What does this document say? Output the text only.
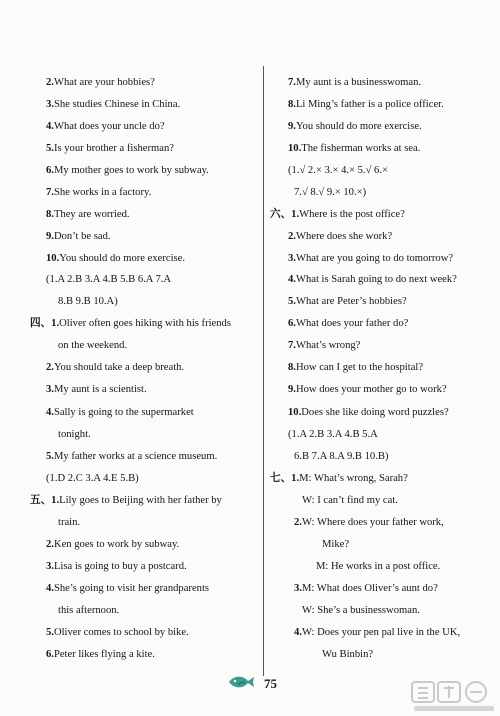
2.What are your hobbies?
3.She studies Chinese in China.
4.What does your uncle do?
5.Is your brother a fisherman?
6.My mother goes to work by subway.
7.She works in a factory.
8.They are worried.
9.Don’t be sad.
10.You should do more exercise.
(1.A 2.B 3.A 4.B 5.B 6.A 7.A
8.B 9.B 10.A)
四、1.Oliver often goes hiking with his friends
on the weekend.
2.You should take a deep breath.
3.My aunt is a scientist.
4.Sally is going to the supermarket
tonight.
5.My father works at a science museum.
(1.D 2.C 3.A 4.E 5.B)
五、1.Lily goes to Beijing with her father by
train.
2.Ken goes to work by subway.
3.Lisa is going to buy a postcard.
4.She’s going to visit her grandparents
this afternoon.
5.Oliver comes to school by bike.
6.Peter likes flying a kite.
7.My aunt is a businesswoman.
8.Li Ming’s father is a police officer.
9.You should do more exercise.
10.The fisherman works at sea.
(1.√ 2.× 3.× 4.× 5.√ 6.×
7.√ 8.√ 9.× 10.×)
六、1.Where is the post office?
2.Where does she work?
3.What are you going to do tomorrow?
4.What is Sarah going to do next week?
5.What are Peter’s hobbies?
6.What does your father do?
7.What’s wrong?
8.How can I get to the hospital?
9.How does your mother go to work?
10.Does she like doing word puzzles?
(1.A 2.B 3.A 4.B 5.A
6.B 7.A 8.A 9.B 10.B)
七、1.M: What’s wrong, Sarah?
W: I can’t find my cat.
2.W: Where does your father work,
Mike?
M: He works in a post office.
3.M: What does Oliver’s aunt do?
W: She’s a businesswoman.
4.W: Does your pen pal live in the UK,
Wu Binbin?
75
